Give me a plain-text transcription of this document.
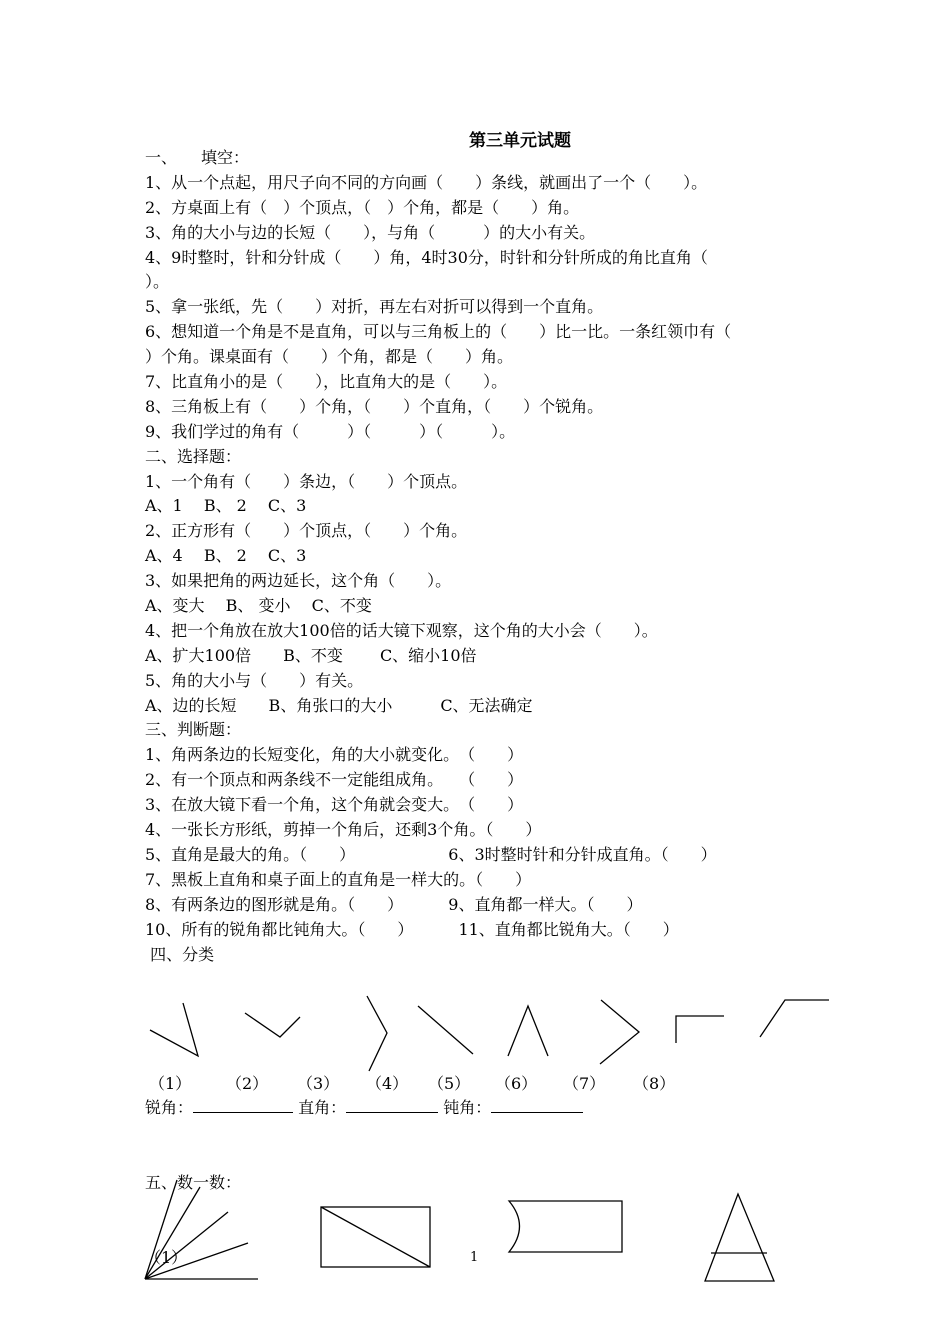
第三单元试题
一、　　填空：
1、从一个点起，用尺子向不同的方向画（　　）条线，就画出了一个（　　）。
2、方桌面上有（　）个顶点，（　）个角，都是（　　）角。
3、角的大小与边的长短（　　），与角（　　　）的大小有关。
4、9时整时，针和分针成（　　）角，4时30分，时针和分针所成的角比直角（
）。
5、拿一张纸，先（　　）对折，再左右对折可以得到一个直角。
6、想知道一个角是不是直角，可以与三角板上的（　　）比一比。一条红领巾有（
）个角。课桌面有（　　）个角，都是（　　）角。
7、比直角小的是（　　），比直角大的是（　　）。
8、三角板上有（　　）个角，（　　）个直角，（　　）个锐角。
9、我们学过的角有（　　　）（　　　）（　　　）。
二、选择题：
1、一个角有（　　）条边，（　　）个顶点。
A、1　 B、 2　 C、3
2、正方形有（　　）个顶点，（　　）个角。
A、4　 B、 2　 C、3
3、如果把角的两边延长，这个角（　　）。
A、变大　 B、 变小　 C、不变
4、把一个角放在放大100倍的话大镜下观察，这个角的大小会（　　）。
A、扩大100倍　　B、不变　　 C、缩小10倍
5、角的大小与（　　）有关。
A、边的长短　　B、角张口的大小　　　C、无法确定
三、判断题：
1、角两条边的长短变化，角的大小就变化。　（　　）
2、有一个顶点和两条线不一定能组成角。　　（　　）
3、在放大镜下看一个角，这个角就会变大。　（　　）
4、一张长方形纸，剪掉一个角后，还剩3个角。（　　）
5、直角是最大的角。（　　）　　　　　　 6、3时整时针和分针成直角。（　　）
7、黑板上直角和桌子面上的直角是一样大的。（　　）
8、有两条边的图形就是角。（　　）　　　 9、直角都一样大。（　　）
10、所有的锐角都比钝角大。（　　）　　　 11、直角都比锐角大。（　　）
四、分类
（1） （2） （3） （4） （5） （6） （7） （8）
锐角：	直角：	钝角：

五、数一数：

（1）	1
